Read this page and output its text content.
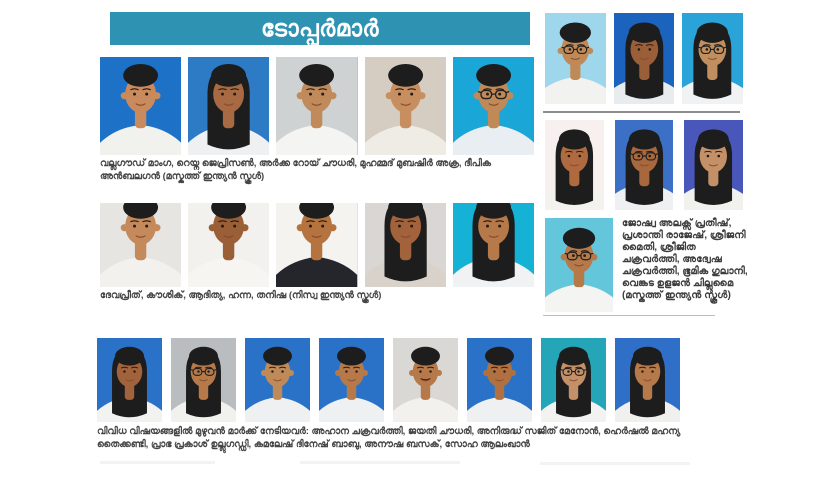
ടോപ്പർമാർ
വല്ലഗൗഡ് മാംഗ, റെയ്ന ജെപ്രിസൺ, അർക്ക റോയ് ചൗധരി, മുഹമ്മദ് മുബഷിർ അക്ര, ദീപിക അൻബലഗൻ (മസ്കത്ത് ഇന്ത്യൻ സ്കൂൾ)
ദേവപ്രീത്, കൗശിക്, ആദിത്യ, ഹന്ന, തനിഷ (നിസ്വ ഇന്ത്യൻ സ്കൂൾ)
ജോഷ്വ അലക്സ് പ്രതീഷ്, പ്രശാന്തി രാജേഷ്, ശ്രീജനി മൈതി, ശ്രീജിത ചക്രവർത്തി, അദ്വേഷ ചക്രവർത്തി, ഭൂമിക ഗുലാനി, വെങ്കട ഉളജൻ ചില്ലുമൈ (മസ്കത്ത് ഇന്ത്യൻ സ്കൂൾ)
വിവിധ വിഷയങ്ങളിൽ മുഴുവൻ മാർക്ക് നേടിയവർ: അഹാന ചക്രവർത്തി, ജയതി ചൗധരി, അനിരുദ്ധ് സജിത് മേനോൻ, ഹെർഷൽ മഹന്യ തൈക്കണ്ടി, പ്രാഭ പ്രകാശ് ഉല്ലുഗഡ്ഡി, കമലേഷ് ദിനേഷ് ബാബു, അനൗഷ ബസക്, സോഹ ആലംഖാൻ
